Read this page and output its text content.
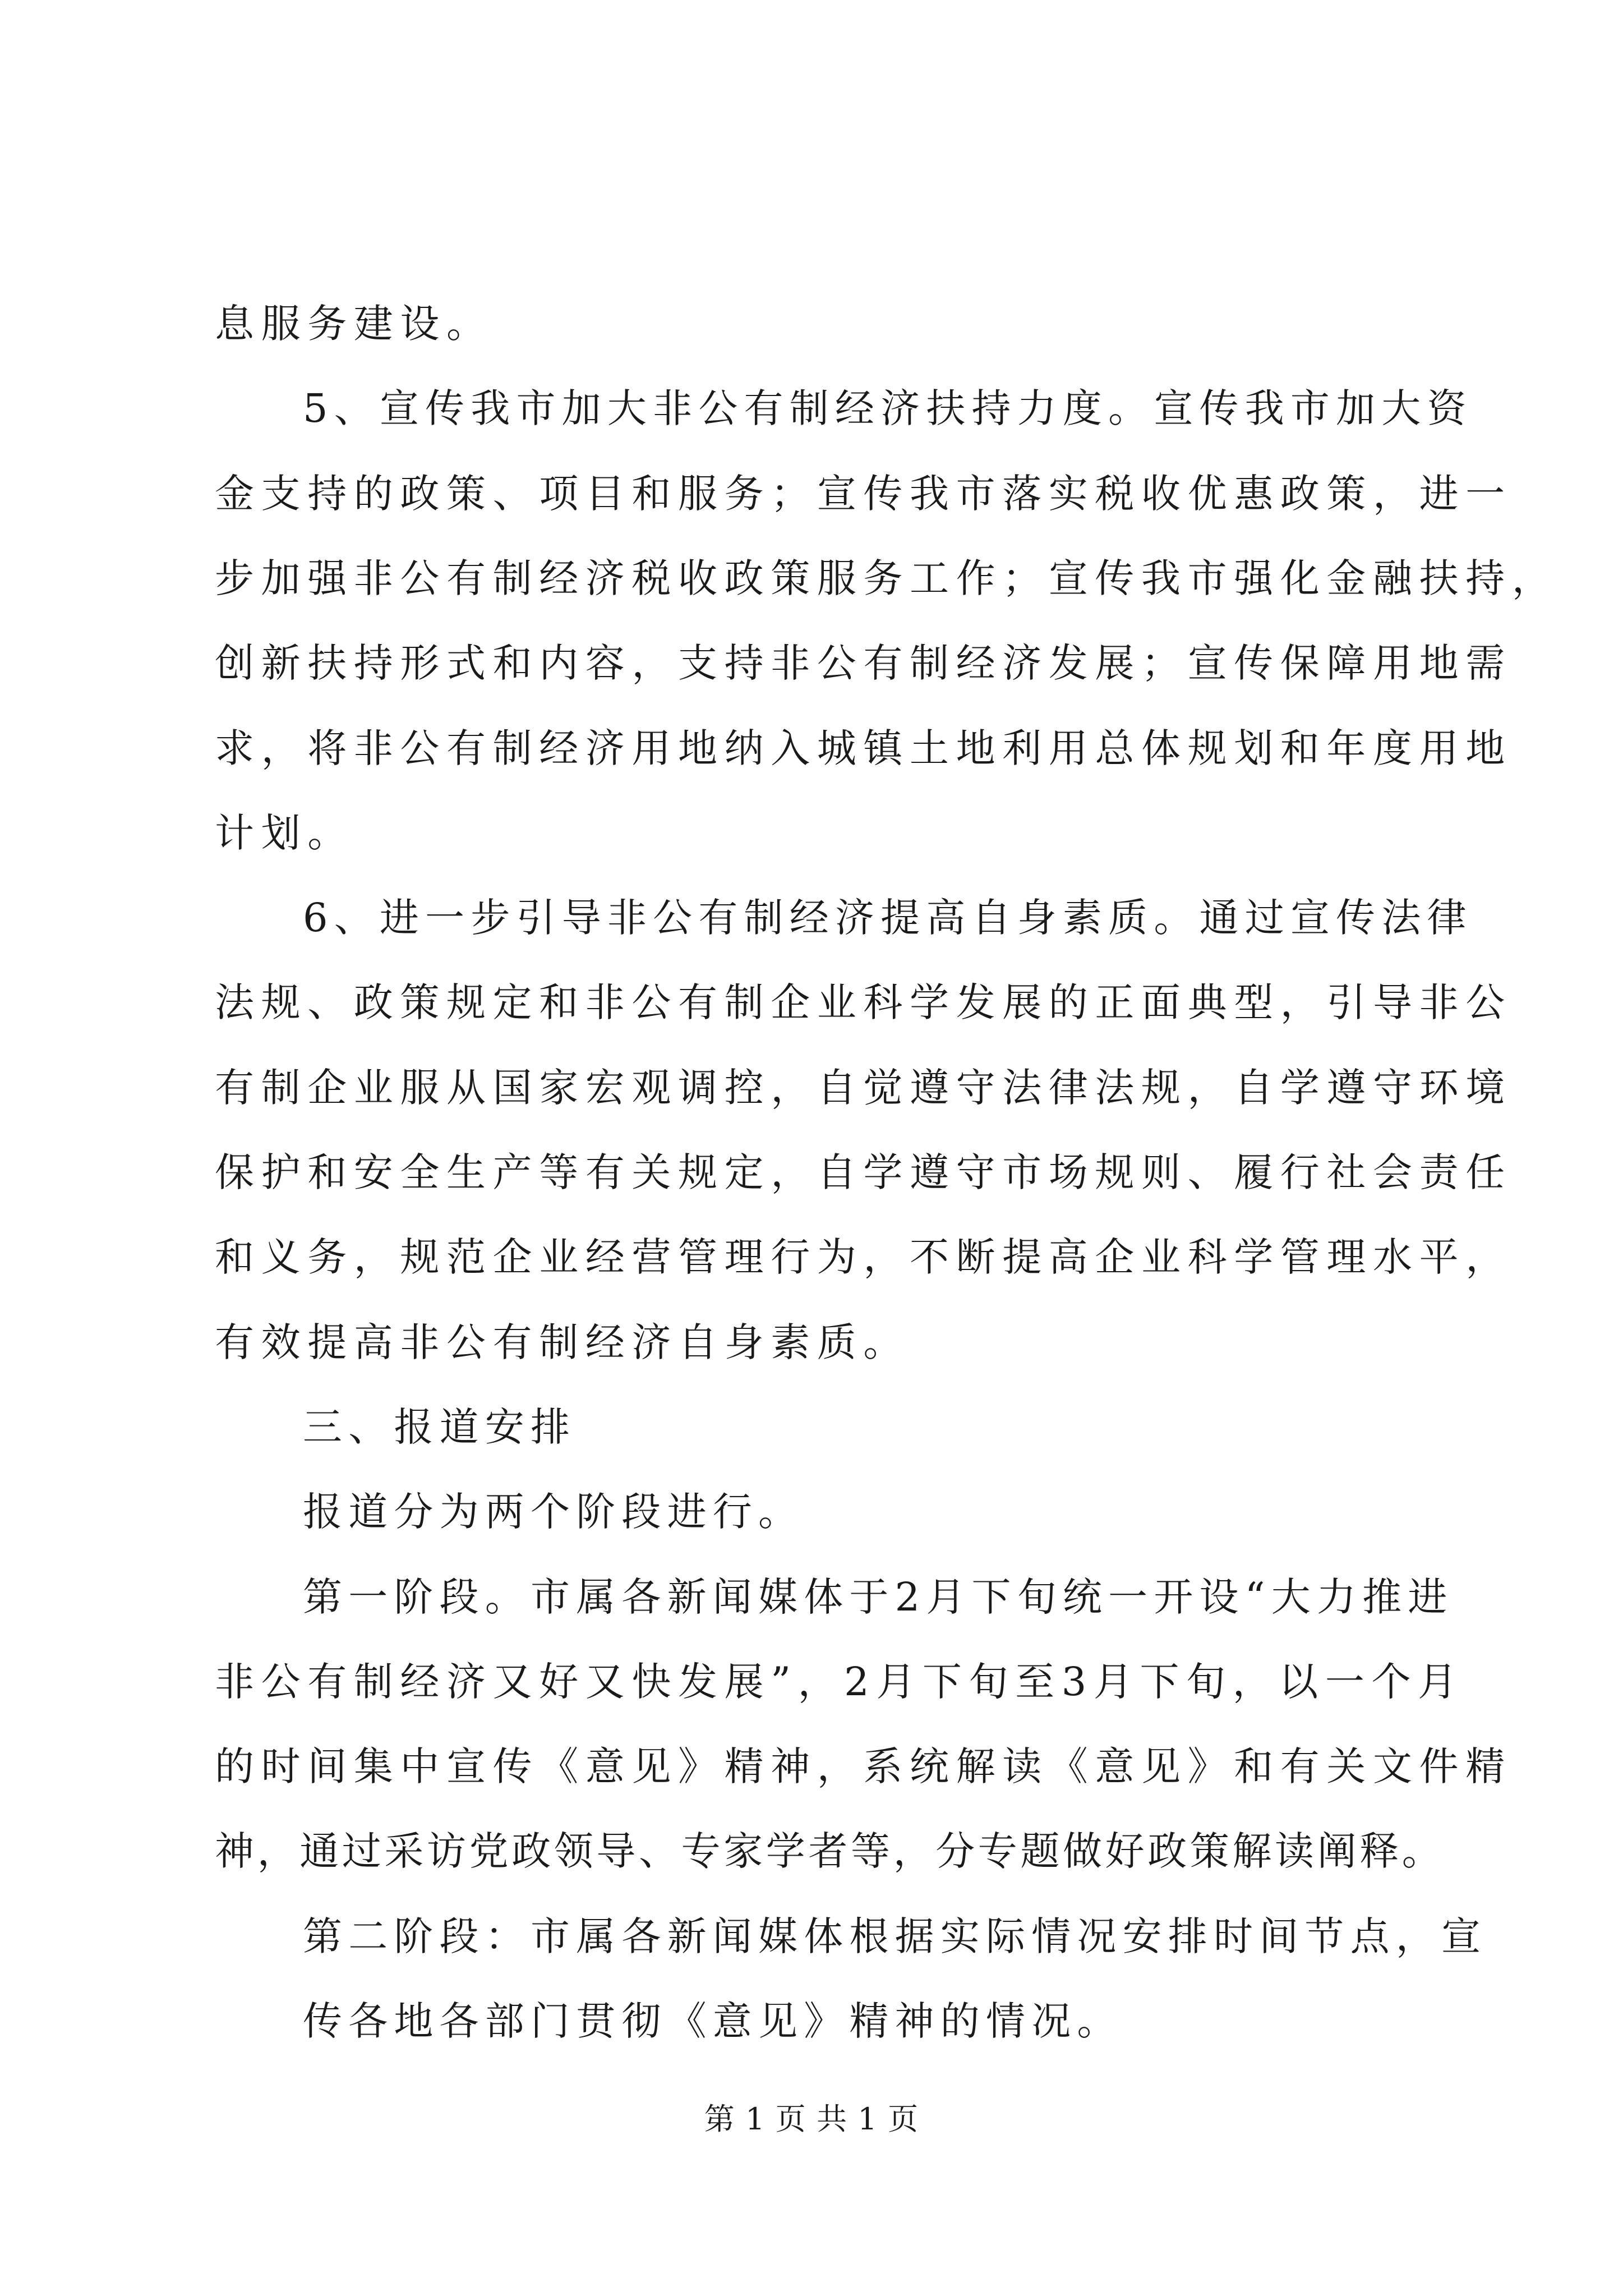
息服务建设。
5、宣传我市加大非公有制经济扶持力度。宣传我市加大资
金支持的政策、项目和服务；宣传我市落实税收优惠政策，进一
步加强非公有制经济税收政策服务工作；宣传我市强化金融扶持，
创新扶持形式和内容，支持非公有制经济发展；宣传保障用地需
求，将非公有制经济用地纳入城镇土地利用总体规划和年度用地
计划。
6、进一步引导非公有制经济提高自身素质。通过宣传法律
法规、政策规定和非公有制企业科学发展的正面典型，引导非公
有制企业服从国家宏观调控，自觉遵守法律法规，自学遵守环境
保护和安全生产等有关规定，自学遵守市场规则、履行社会责任
和义务，规范企业经营管理行为，不断提高企业科学管理水平，
有效提高非公有制经济自身素质。
三、报道安排
报道分为两个阶段进行。
第一阶段。市属各新闻媒体于2月下旬统一开设“大力推进
非公有制经济又好又快发展”，2月下旬至3月下旬，以一个月
的时间集中宣传《意见》精神，系统解读《意见》和有关文件精
神，通过采访党政领导、专家学者等，分专题做好政策解读阐释。
第二阶段：市属各新闻媒体根据实际情况安排时间节点，宣
传各地各部门贯彻《意见》精神的情况。
第 1 页 共 1 页
